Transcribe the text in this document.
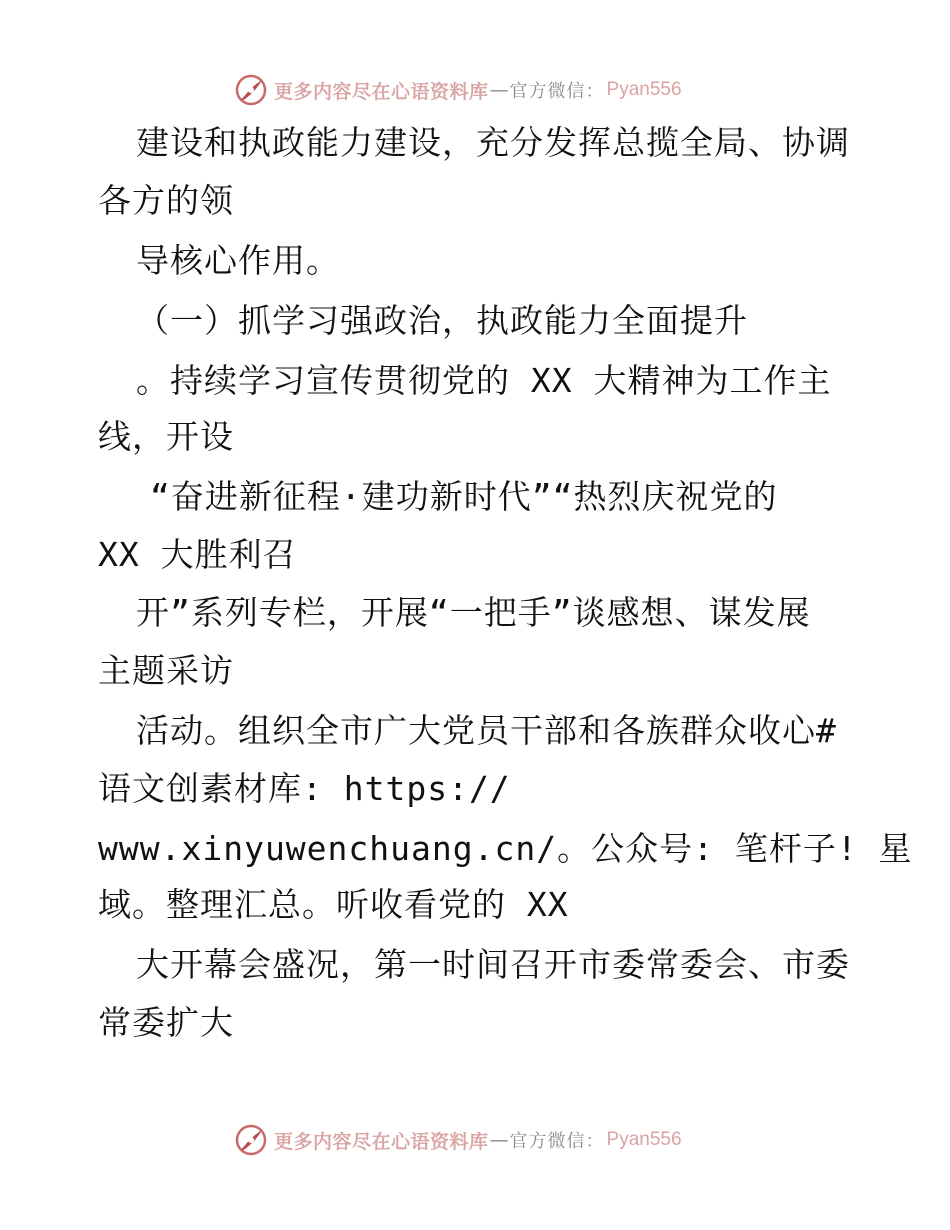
更多内容尽在心语资料库 — 官方微信： Pyan556
建设和执政能力建设，充分发挥总揽全局、协调
各方的领
导核心作用。
（一）抓学习强政治，执政能力全面提升
。持续学习宣传贯彻党的 XX 大精神为工作主
线，开设
“奋进新征程·建功新时代”“热烈庆祝党的
XX 大胜利召
开”系列专栏，开展“一把手”谈感想、谋发展
主题采访
活动。组织全市广大党员干部和各族群众收心#
语文创素材库: https://
www.xinyuwenchuang.cn/。公众号: 笔杆子! 星
域。整理汇总。听收看党的 XX
大开幕会盛况，第一时间召开市委常委会、市委
常委扩大
更多内容尽在心语资料库 — 官方微信： Pyan556
